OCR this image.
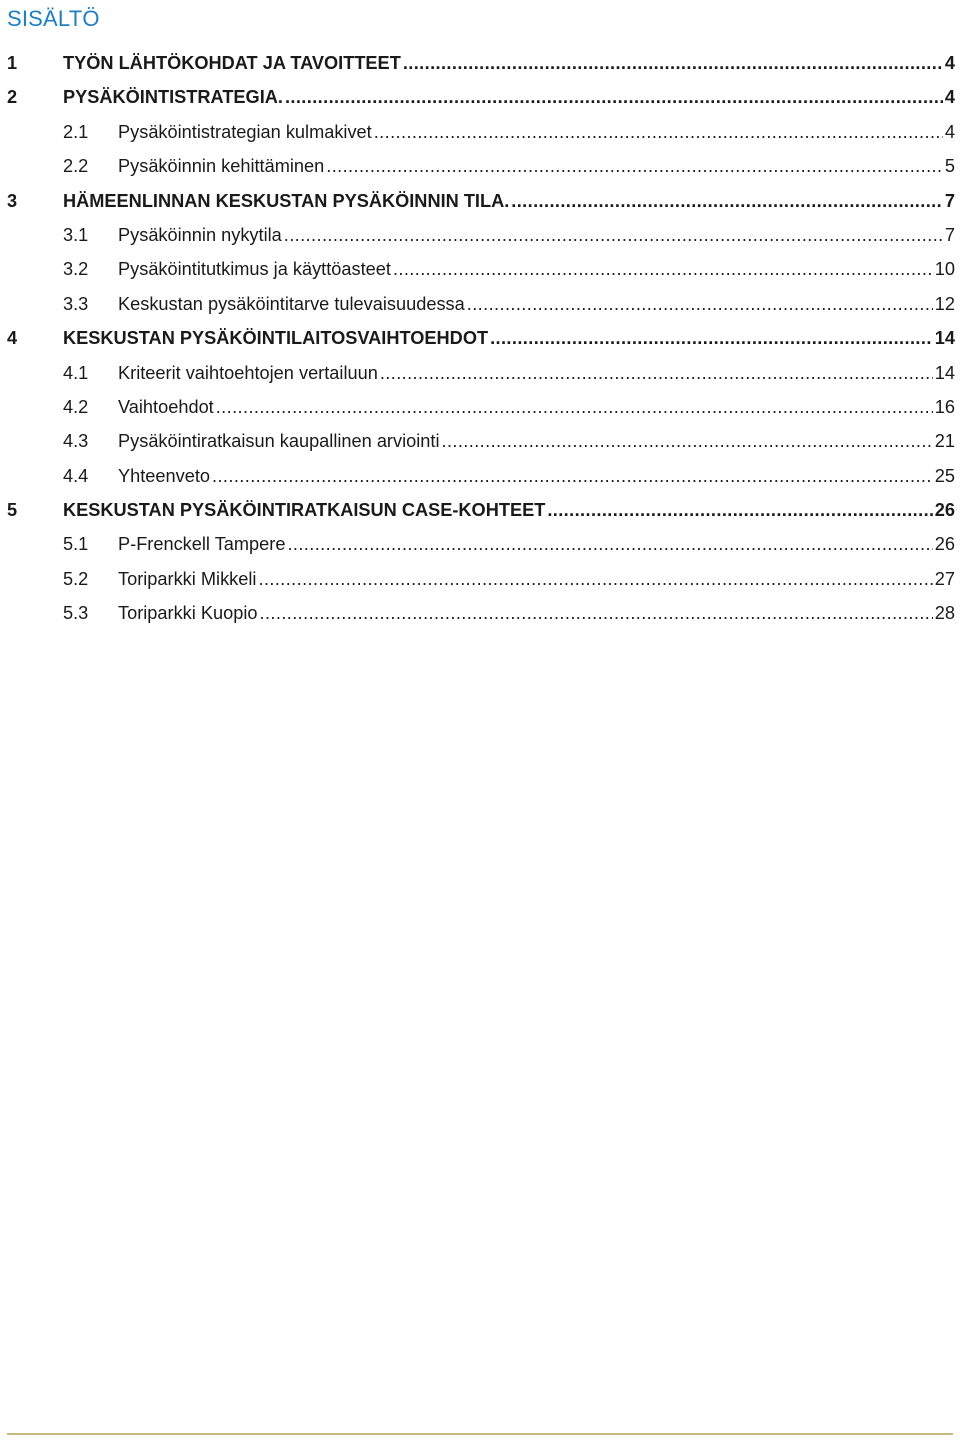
SISÄLTÖ
1	TYÖN LÄHTÖKOHDAT JA TAVOITTEET .....	4
2	PYSÄKÖINTISTRATEGIA. .....	4
2.1	Pysäköintistrategian kulmakivet .....	4
2.2	Pysäköinnin kehittäminen .....	5
3	HÄMEENLINNAN KESKUSTAN PYSÄKÖINNIN TILA. .....	7
3.1	Pysäköinnin nykytila .....	7
3.2	Pysäköintitutkimus ja käyttöasteet .....	10
3.3	Keskustan pysäköintitarve tulevaisuudessa .....	12
4	KESKUSTAN PYSÄKÖINTILAITOSVAIHTOEHDOT .....	14
4.1	Kriteerit vaihtoehtojen vertailuun .....	14
4.2	Vaihtoehdot .....	16
4.3	Pysäköintiratkaisun kaupallinen arviointi .....	21
4.4	Yhteenveto .....	25
5	KESKUSTAN PYSÄKÖINTIRATKAISUN CASE-KOHTEET .....	26
5.1	P-Frenckell Tampere .....	26
5.2	Toriparkki Mikkeli .....	27
5.3	Toriparkki Kuopio .....	28
